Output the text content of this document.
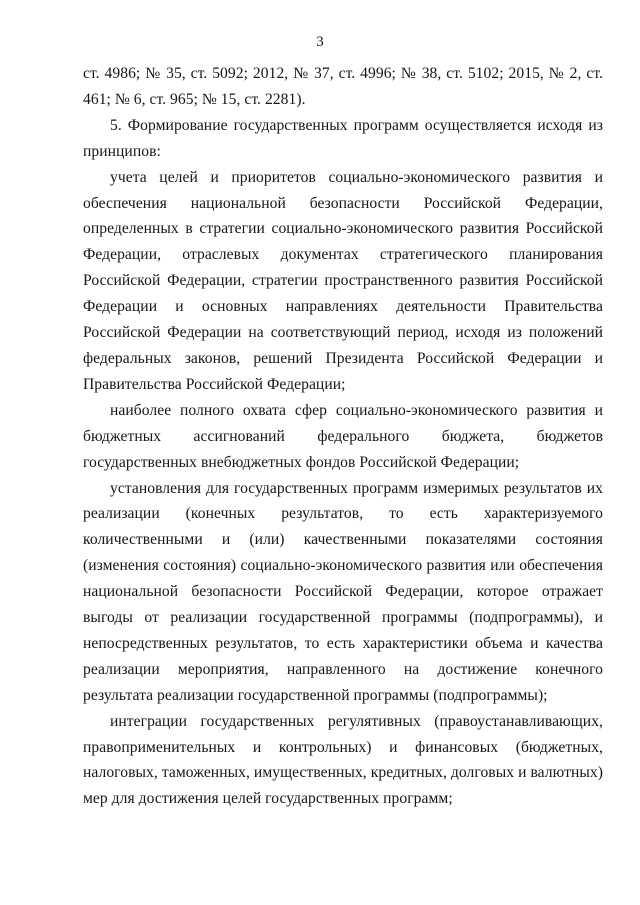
3

ст. 4986; № 35, ст. 5092; 2012, № 37, ст. 4996; № 38, ст. 5102; 2015, № 2, ст. 461; № 6, ст. 965; № 15, ст. 2281).

5. Формирование государственных программ осуществляется исходя из принципов:

учета целей и приоритетов социально-экономического развития и обеспечения национальной безопасности Российской Федерации, определенных в стратегии социально-экономического развития Российской Федерации, отраслевых документах стратегического планирования Российской Федерации, стратегии пространственного развития Российской Федерации и основных направлениях деятельности Правительства Российской Федерации на соответствующий период, исходя из положений федеральных законов, решений Президента Российской Федерации и Правительства Российской Федерации;

наиболее полного охвата сфер социально-экономического развития и бюджетных ассигнований федерального бюджета, бюджетов государственных внебюджетных фондов Российской Федерации;

установления для государственных программ измеримых результатов их реализации (конечных результатов, то есть характеризуемого количественными и (или) качественными показателями состояния (изменения состояния) социально-экономического развития или обеспечения национальной безопасности Российской Федерации, которое отражает выгоды от реализации государственной программы (подпрограммы), и непосредственных результатов, то есть характеристики объема и качества реализации мероприятия, направленного на достижение конечного результата реализации государственной программы (подпрограммы);

интеграции государственных регулятивных (правоустанавливающих, правоприменительных и контрольных) и финансовых (бюджетных, налоговых, таможенных, имущественных, кредитных, долговых и валютных) мер для достижения целей государственных программ;
